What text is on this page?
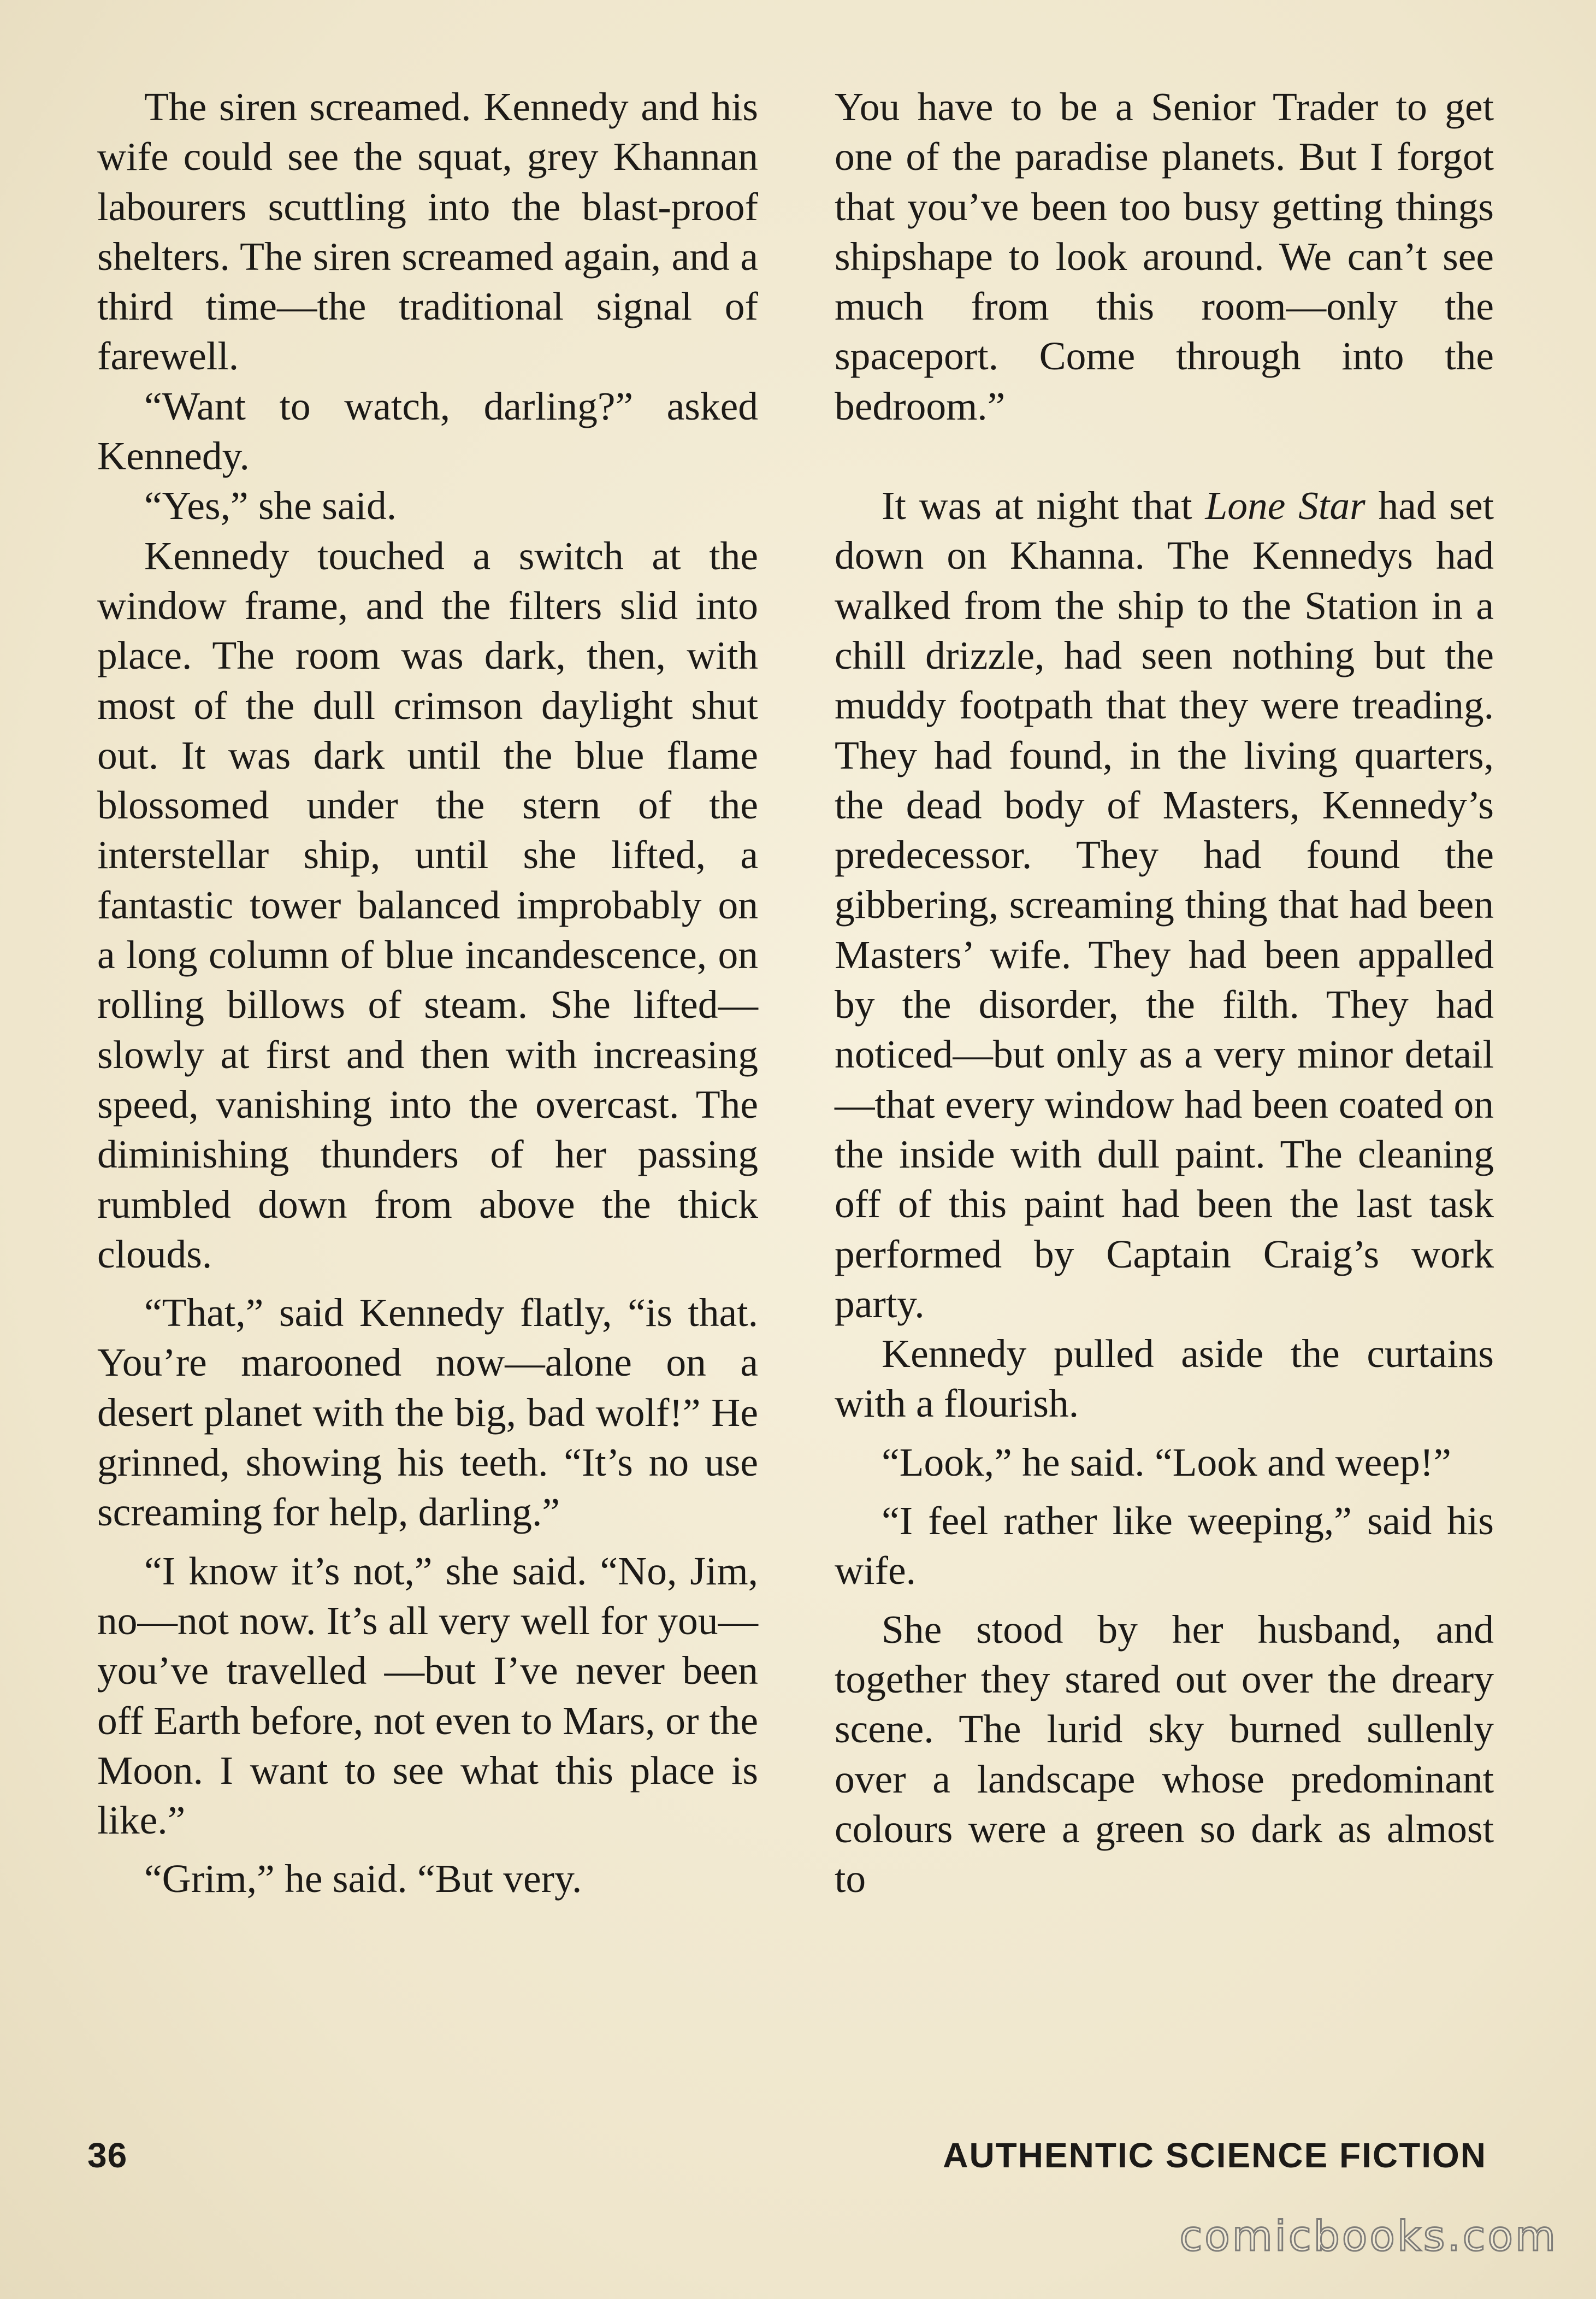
The siren screamed. Kennedy and his wife could see the squat, grey Khannan labourers scuttling into the blast-proof shelters. The siren screamed again, and a third time—the traditional signal of farewell.

“Want to watch, darling?” asked Kennedy.

“Yes,” she said.

Kennedy touched a switch at the window frame, and the filters slid into place. The room was dark, then, with most of the dull crimson daylight shut out. It was dark until the blue flame blossomed under the stern of the interstellar ship, until she lifted, a fantastic tower balanced improbably on a long column of blue incandescence, on rolling billows of steam. She lifted—slowly at first and then with increasing speed, vanishing into the overcast. The diminishing thunders of her passing rumbled down from above the thick clouds.

“That,” said Kennedy flatly, “is that. You’re marooned now—alone on a desert planet with the big, bad wolf!” He grinned, showing his teeth. “It’s no use screaming for help, darling.”

“I know it’s not,” she said. “No, Jim, no—not now. It’s all very well for you—you’ve travelled —but I’ve never been off Earth before, not even to Mars, or the Moon. I want to see what this place is like.”

“Grim,” he said. “But very.

You have to be a Senior Trader to get one of the paradise planets. But I forgot that you’ve been too busy getting things shipshape to look around. We can’t see much from this room—only the spaceport. Come through into the bedroom.”

It was at night that Lone Star had set down on Khanna. The Kennedys had walked from the ship to the Station in a chill drizzle, had seen nothing but the muddy footpath that they were treading. They had found, in the living quarters, the dead body of Masters, Kennedy’s predecessor. They had found the gibbering, screaming thing that had been Masters’ wife. They had been appalled by the disorder, the filth. They had noticed—but only as a very minor detail—that every window had been coated on the inside with dull paint. The cleaning off of this paint had been the last task performed by Captain Craig’s work party.

Kennedy pulled aside the curtains with a flourish.

“Look,” he said. “Look and weep!”

“I feel rather like weeping,” said his wife.

She stood by her husband, and together they stared out over the dreary scene. The lurid sky burned sullenly over a landscape whose predominant colours were a green so dark as almost to

36	AUTHENTIC SCIENCE FICTION
comicbooks.com
